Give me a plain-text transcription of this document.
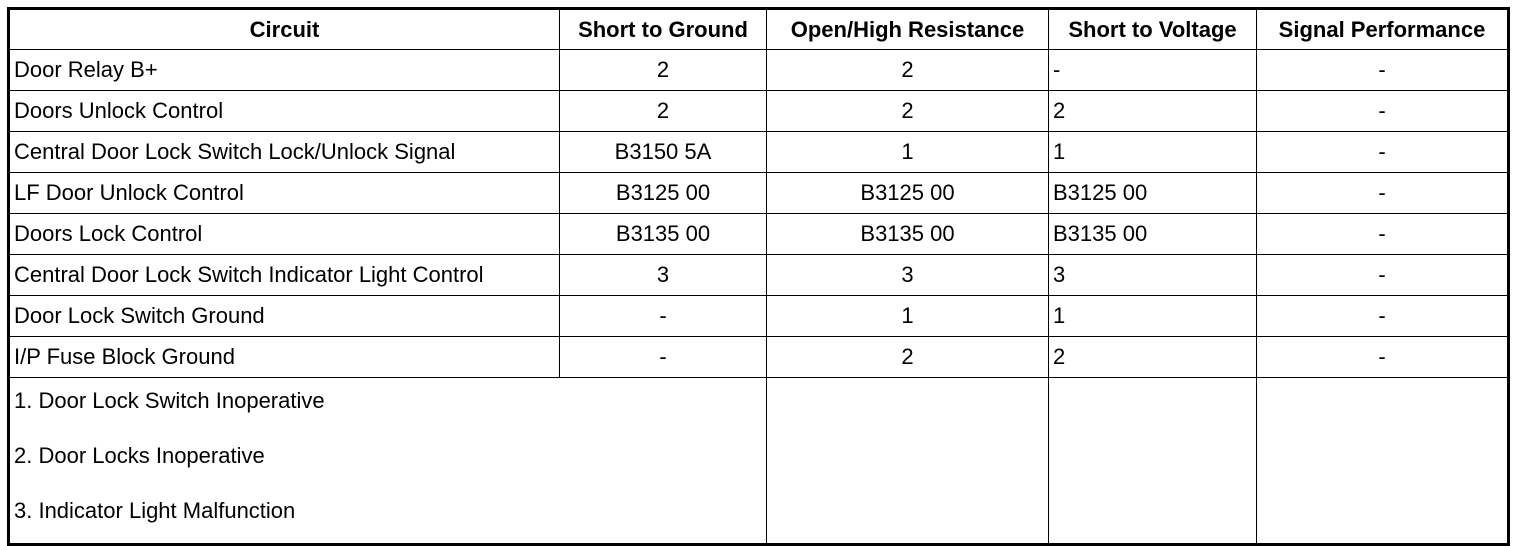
Circuit	Short to Ground	Open/High Resistance	Short to Voltage	Signal Performance
Door Relay B+	2	2	-	-
Doors Unlock Control	2	2	2	-
Central Door Lock Switch Lock/Unlock Signal	B3150 5A	1	1	-
LF Door Unlock Control	B3125 00	B3125 00	B3125 00	-
Doors Lock Control	B3135 00	B3135 00	B3135 00	-
Central Door Lock Switch Indicator Light Control	3	3	3	-
Door Lock Switch Ground	-	1	1	-
I/P Fuse Block Ground	-	2	2	-

1. Door Lock Switch Inoperative
2. Door Locks Inoperative
3. Indicator Light Malfunction				
